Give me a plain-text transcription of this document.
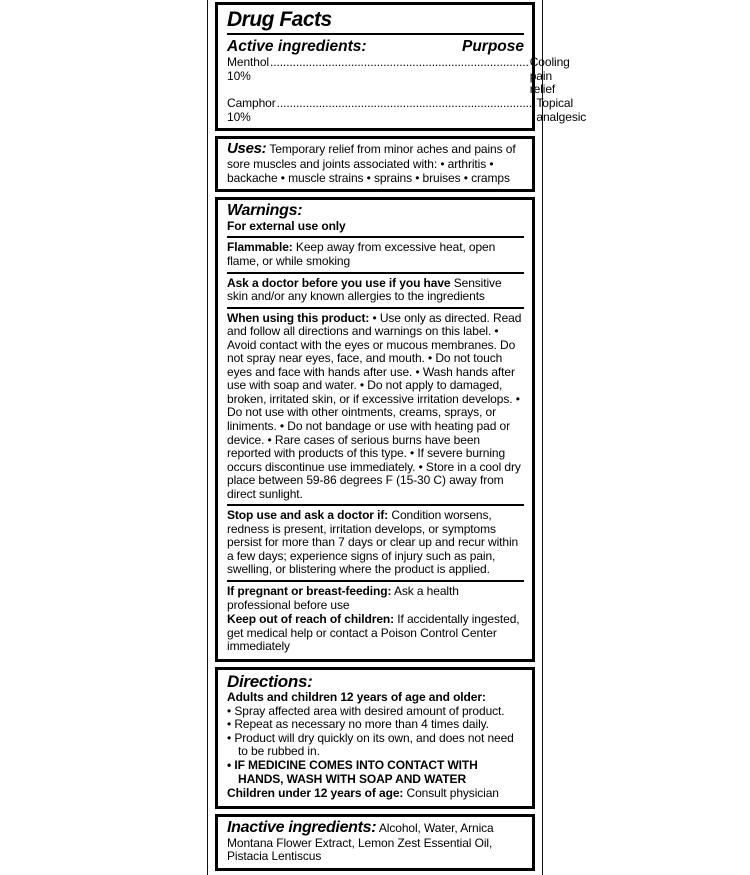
Drug Facts
Active ingredients:	Purpose
Menthol 10%
.....
Cooling pain relief
Camphor 10%
.....
Topical analgesic
Uses: Temporary relief from minor aches and pains of sore muscles and joints associated with: • arthritis • backache • muscle strains • sprains • bruises • cramps
Warnings:
For external use only
Flammable: Keep away from excessive heat, open flame, or while smoking
Ask a doctor before you use if you have Sensitive skin and/or any known allergies to the ingredients
When using this product: • Use only as directed. Read and follow all directions and warnings on this label. • Avoid contact with the eyes or mucous membranes. Do not spray near eyes, face, and mouth. • Do not touch eyes and face with hands after use. • Wash hands after use with soap and water. • Do not apply to damaged, broken, irritated skin, or if excessive irritation develops. • Do not use with other ointments, creams, sprays, or liniments. • Do not bandage or use with heating pad or device. • Rare cases of serious burns have been reported with products of this type. • If severe burning occurs discontinue use immediately. • Store in a cool dry place between 59-86 degrees F (15-30 C) away from direct sunlight.
Stop use and ask a doctor if: Condition worsens, redness is present, irritation develops, or symptoms persist for more than 7 days or clear up and recur within a few days; experience signs of injury such as pain, swelling, or blistering where the product is applied.
If pregnant or breast-feeding: Ask a health professional before use
Keep out of reach of children: If accidentally ingested, get medical help or contact a Poison Control Center immediately
Directions:
Adults and children 12 years of age and older:
• Spray affected area with desired amount of product.
• Repeat as necessary no more than 4 times daily.
• Product will dry quickly on its own, and does not need to be rubbed in.
• IF MEDICINE COMES INTO CONTACT WITH HANDS, WASH WITH SOAP AND WATER
Children under 12 years of age: Consult physician
Inactive ingredients: Alcohol, Water, Arnica Montana Flower Extract, Lemon Zest Essential Oil, Pistacia Lentiscus
